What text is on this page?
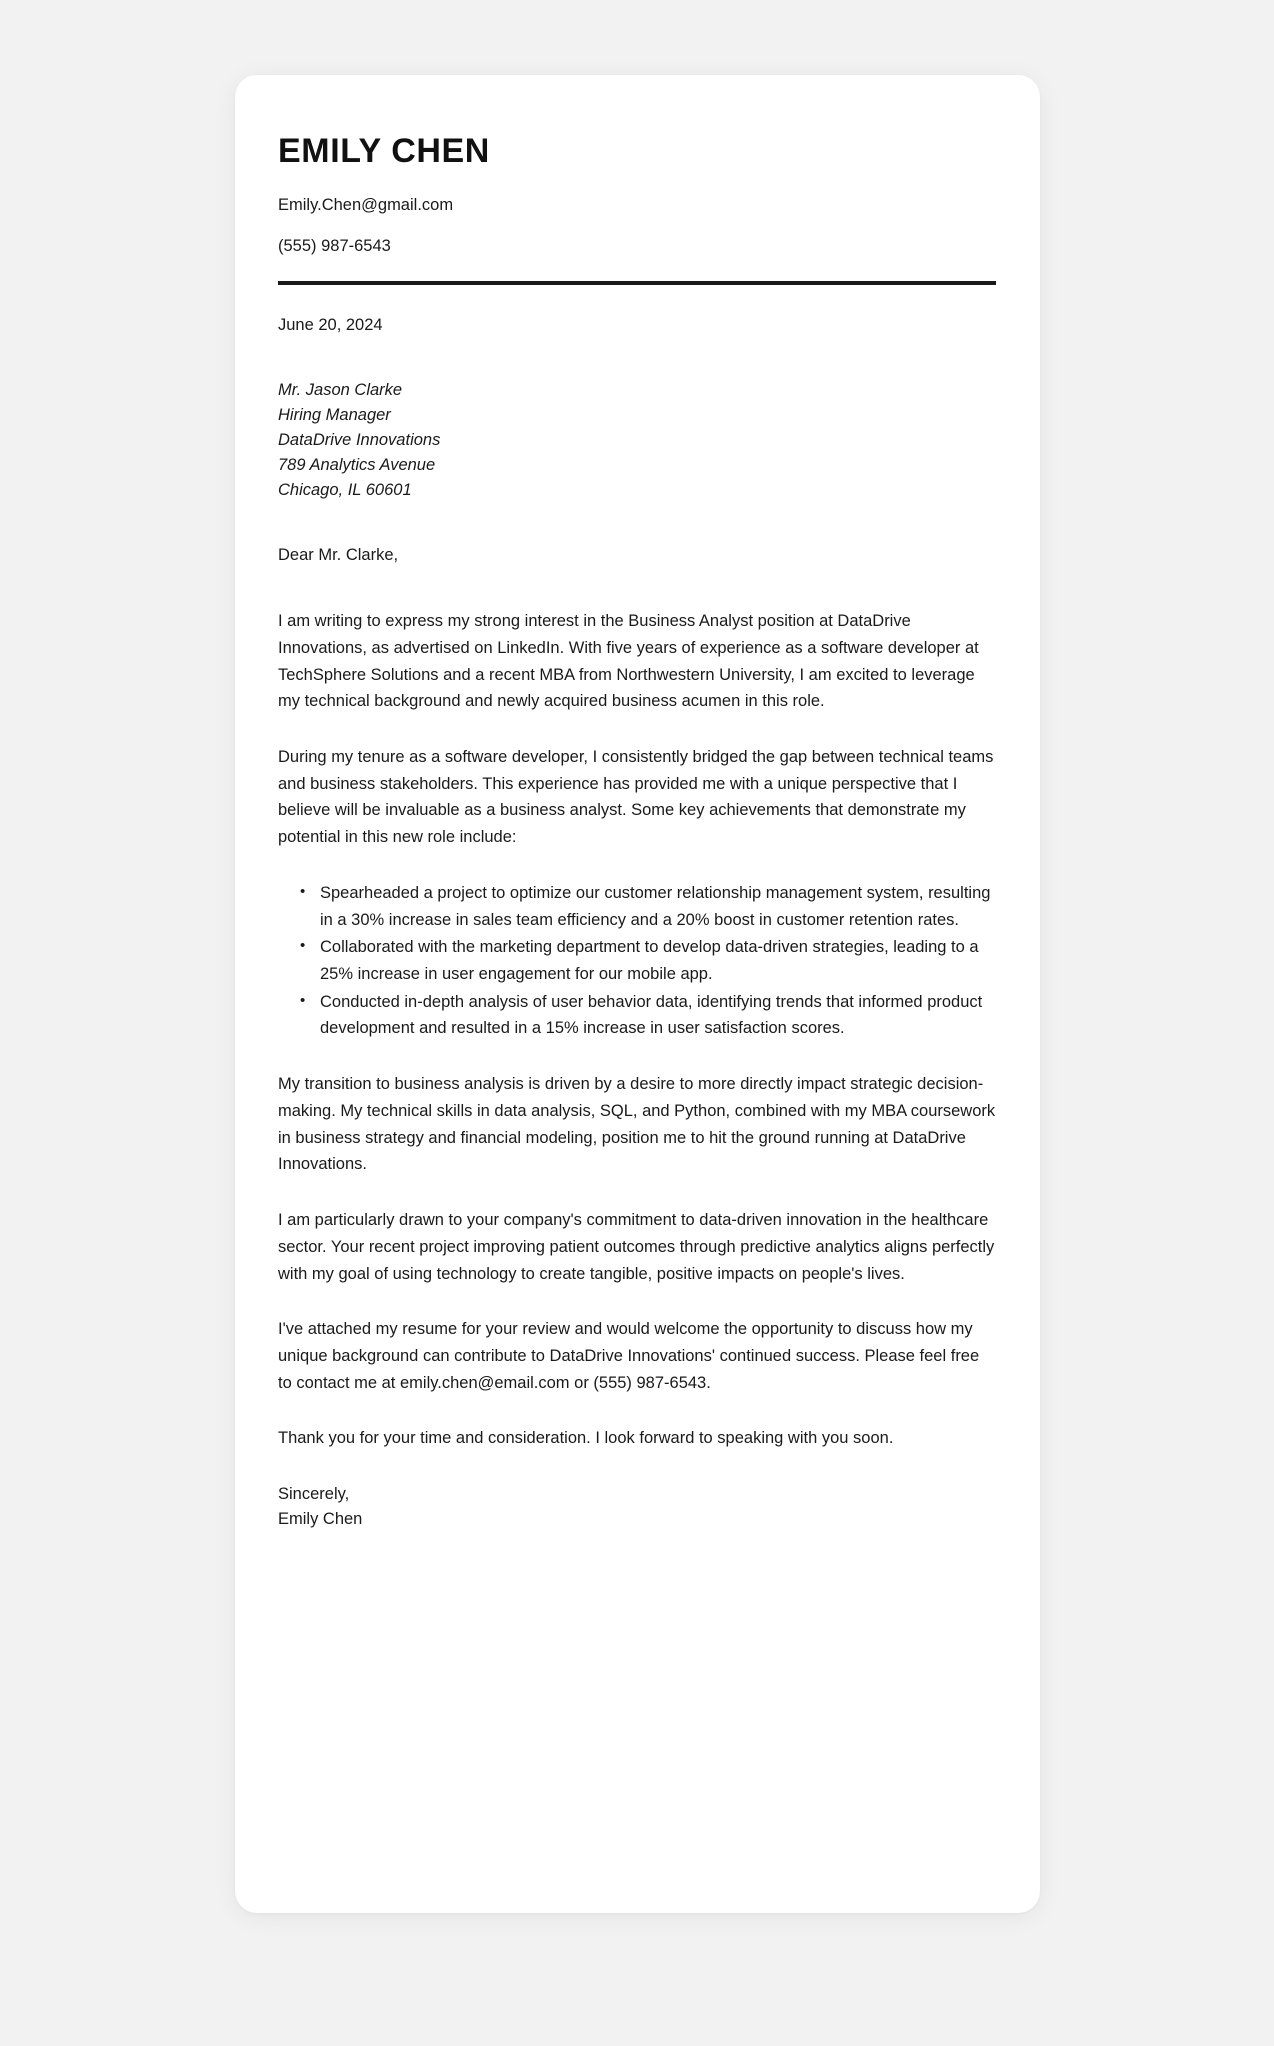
EMILY CHEN

Emily.Chen@gmail.com

(555) 987-6543

June 20, 2024

Mr. Jason Clarke

Hiring Manager

DataDrive Innovations

789 Analytics Avenue

Chicago, IL 60601

Dear Mr. Clarke,

I am writing to express my strong interest in the Business Analyst position at DataDrive Innovations, as advertised on LinkedIn. With five years of experience as a software developer at TechSphere Solutions and a recent MBA from Northwestern University, I am excited to leverage my technical background and newly acquired business acumen in this role.

During my tenure as a software developer, I consistently bridged the gap between technical teams and business stakeholders. This experience has provided me with a unique perspective that I believe will be invaluable as a business analyst. Some key achievements that demonstrate my potential in this new role include:

• Spearheaded a project to optimize our customer relationship management system, resulting in a 30% increase in sales team efficiency and a 20% boost in customer retention rates.
• Collaborated with the marketing department to develop data-driven strategies, leading to a 25% increase in user engagement for our mobile app.
• Conducted in-depth analysis of user behavior data, identifying trends that informed product development and resulted in a 15% increase in user satisfaction scores.

My transition to business analysis is driven by a desire to more directly impact strategic decision-making. My technical skills in data analysis, SQL, and Python, combined with my MBA coursework in business strategy and financial modeling, position me to hit the ground running at DataDrive Innovations.

I am particularly drawn to your company's commitment to data-driven innovation in the healthcare sector. Your recent project improving patient outcomes through predictive analytics aligns perfectly with my goal of using technology to create tangible, positive impacts on people's lives.

I've attached my resume for your review and would welcome the opportunity to discuss how my unique background can contribute to DataDrive Innovations' continued success. Please feel free to contact me at emily.chen@email.com or (555) 987-6543.

Thank you for your time and consideration. I look forward to speaking with you soon.

Sincerely,

Emily Chen
